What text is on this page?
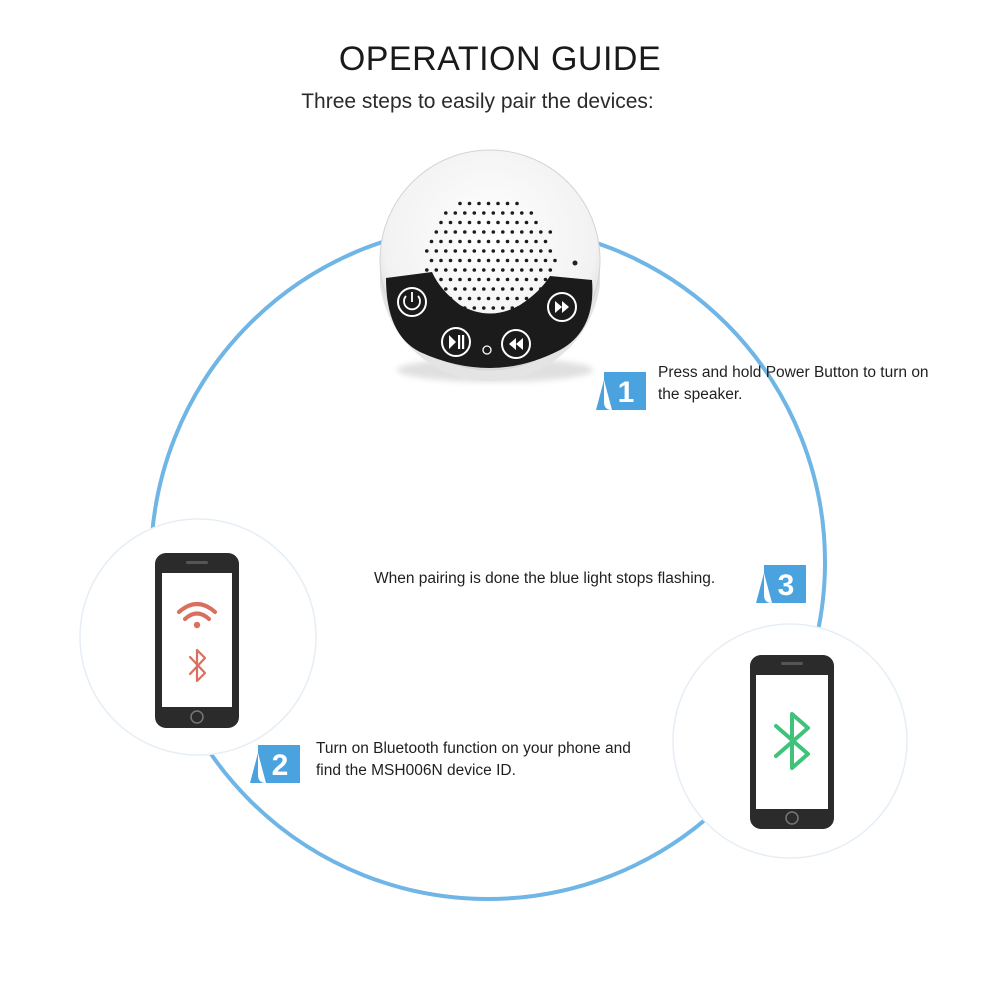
OPERATION GUIDE
Three steps to easily pair the devices:
1
2
3
Press and hold Power Button to turn on the speaker.
Turn on Bluetooth function on your phone and find the MSH006N device ID.
When pairing is done the blue light stops flashing.
